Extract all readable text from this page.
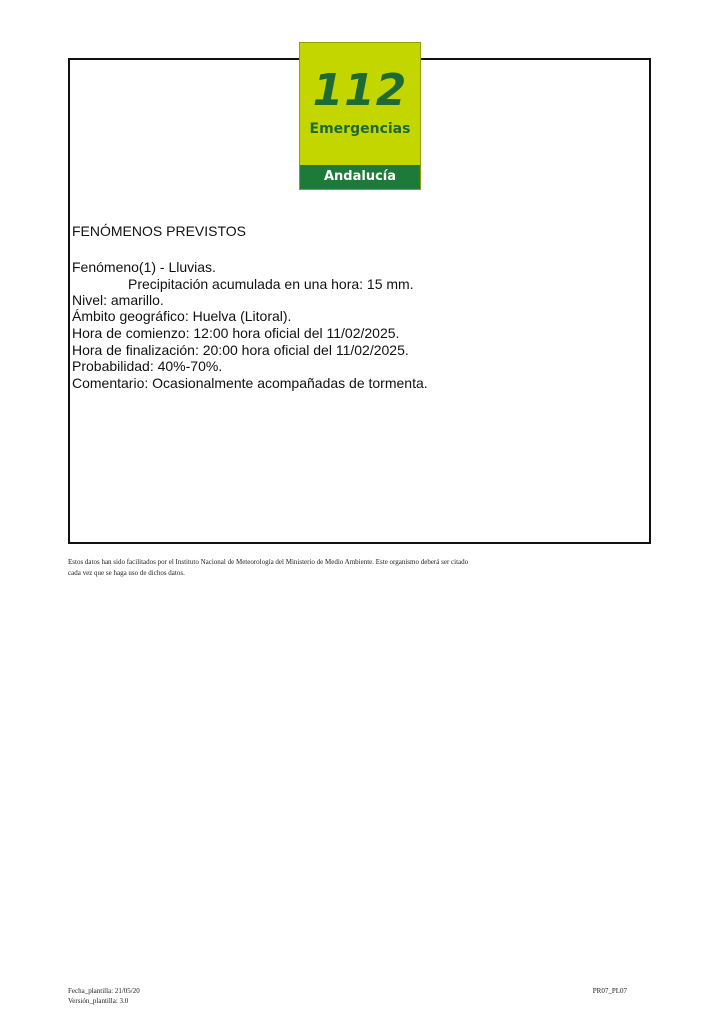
112
Emergencias
Andalucía
FENÓMENOS PREVISTOS
Fenómeno(1) - Lluvias.
Precipitación acumulada en una hora: 15 mm.
Nivel: amarillo.
Ámbito geográfico: Huelva (Litoral).
Hora de comienzo: 12:00 hora oficial del 11/02/2025.
Hora de finalización: 20:00 hora oficial del 11/02/2025.
Probabilidad: 40%-70%.
Comentario: Ocasionalmente acompañadas de tormenta.
Estos datos han sido facilitados por el Instituto Nacional de Meteorología del Ministerio de Medio Ambiente. Este organismo deberá ser citado
cada vez que se haga uso de dichos datos.
Fecha_plantilla: 21/05/20
Versión_plantilla: 3.0
PR07_PL07
